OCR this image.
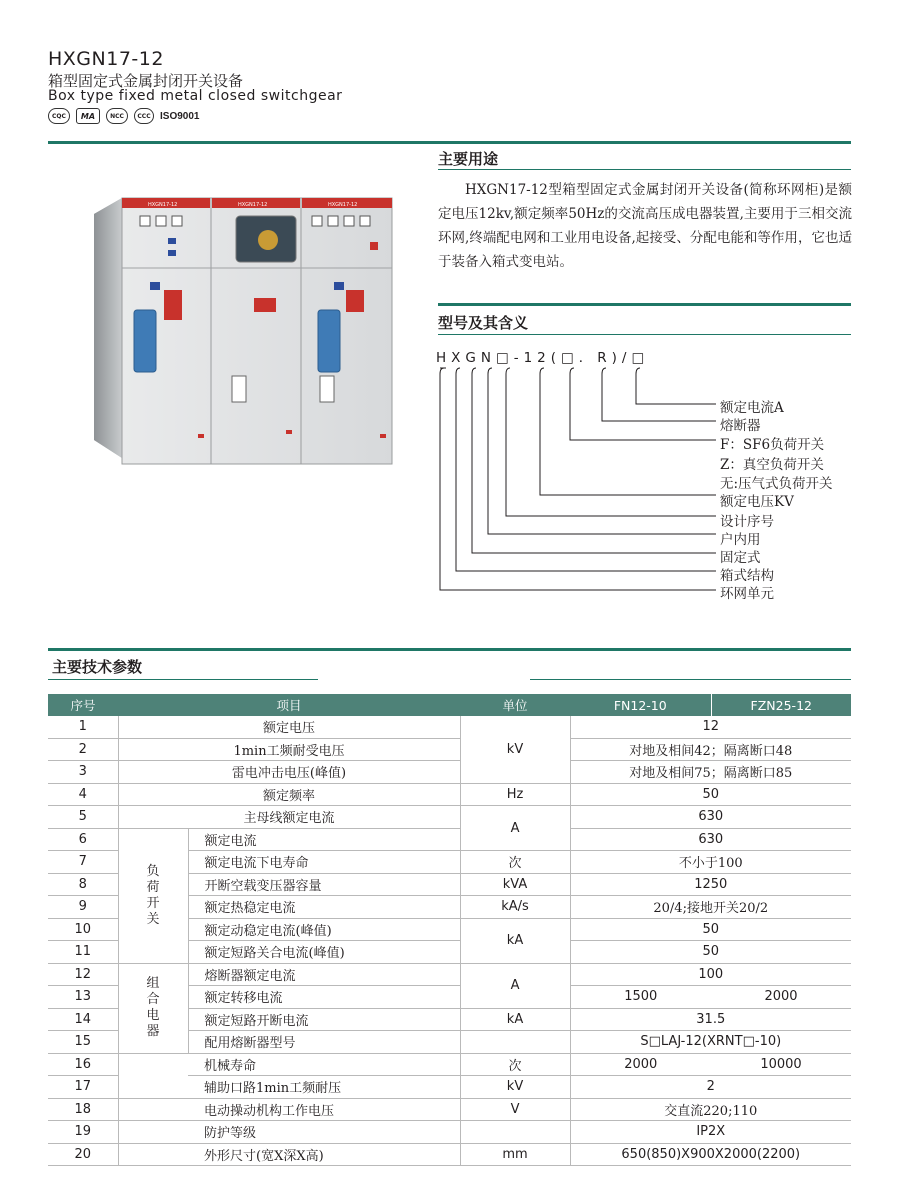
HXGN17-12
箱型固定式金属封闭开关设备
Box type fixed metal closed switchgear
CQC	MA	NCC	CCC ISO9001
HXGN17-12	HXGN17-12	HXGN17-12
主要用途
HXGN17-12型箱型固定式金属封闭开关设备(简称环网柜)是额定电压12kv,额定频率50Hz的交流高压成电器装置,主要用于三相交流环网,终端配电网和工业用电设备,起接受、分配电能和等作用，它也适于装备入箱式变电站。
型号及其含义
HXGN□-12(□．R)/□
额定电流A
熔断器
F：SF6负荷开关
Z：真空负荷开关
无:压气式负荷开关
额定电压KV
设计序号
户内用
固定式
箱式结构
环网单元
主要技术参数
序号	项目		单位	FN12-10	FZN25-12
1	额定电压		kV	12	
2	1min工频耐受电压			对地及相间42；隔离断口48	
3	雷电冲击电压(峰值)			对地及相间75；隔离断口85	
4	额定频率		Hz	50	
5	主母线额定电流		A	630	
6	负荷开关	额定电流		630	
7		额定电流下电寿命	次	不小于100	
8		开断空载变压器容量	kVA	1250	
9		额定热稳定电流	kA/s	20/4;接地开关20/2	
10		额定动稳定电流(峰值)	kA	50	
11		额定短路关合电流(峰值)		50	
12	组合电器	熔断器额定电流	A	100	
13		额定转移电流		1500	2000
14		额定短路开断电流	kA	31.5	
15		配用熔断器型号		S□LAJ-12(XRNT□-10)	
16		机械寿命	次	2000	10000
17		辅助口路1min工频耐压	kV	2	
18		电动操动机构工作电压	V	交直流220;110	
19		防护等级		IP2X	
20		外形尺寸(宽X深X高)	mm	650(850)X900X2000(2200)	
